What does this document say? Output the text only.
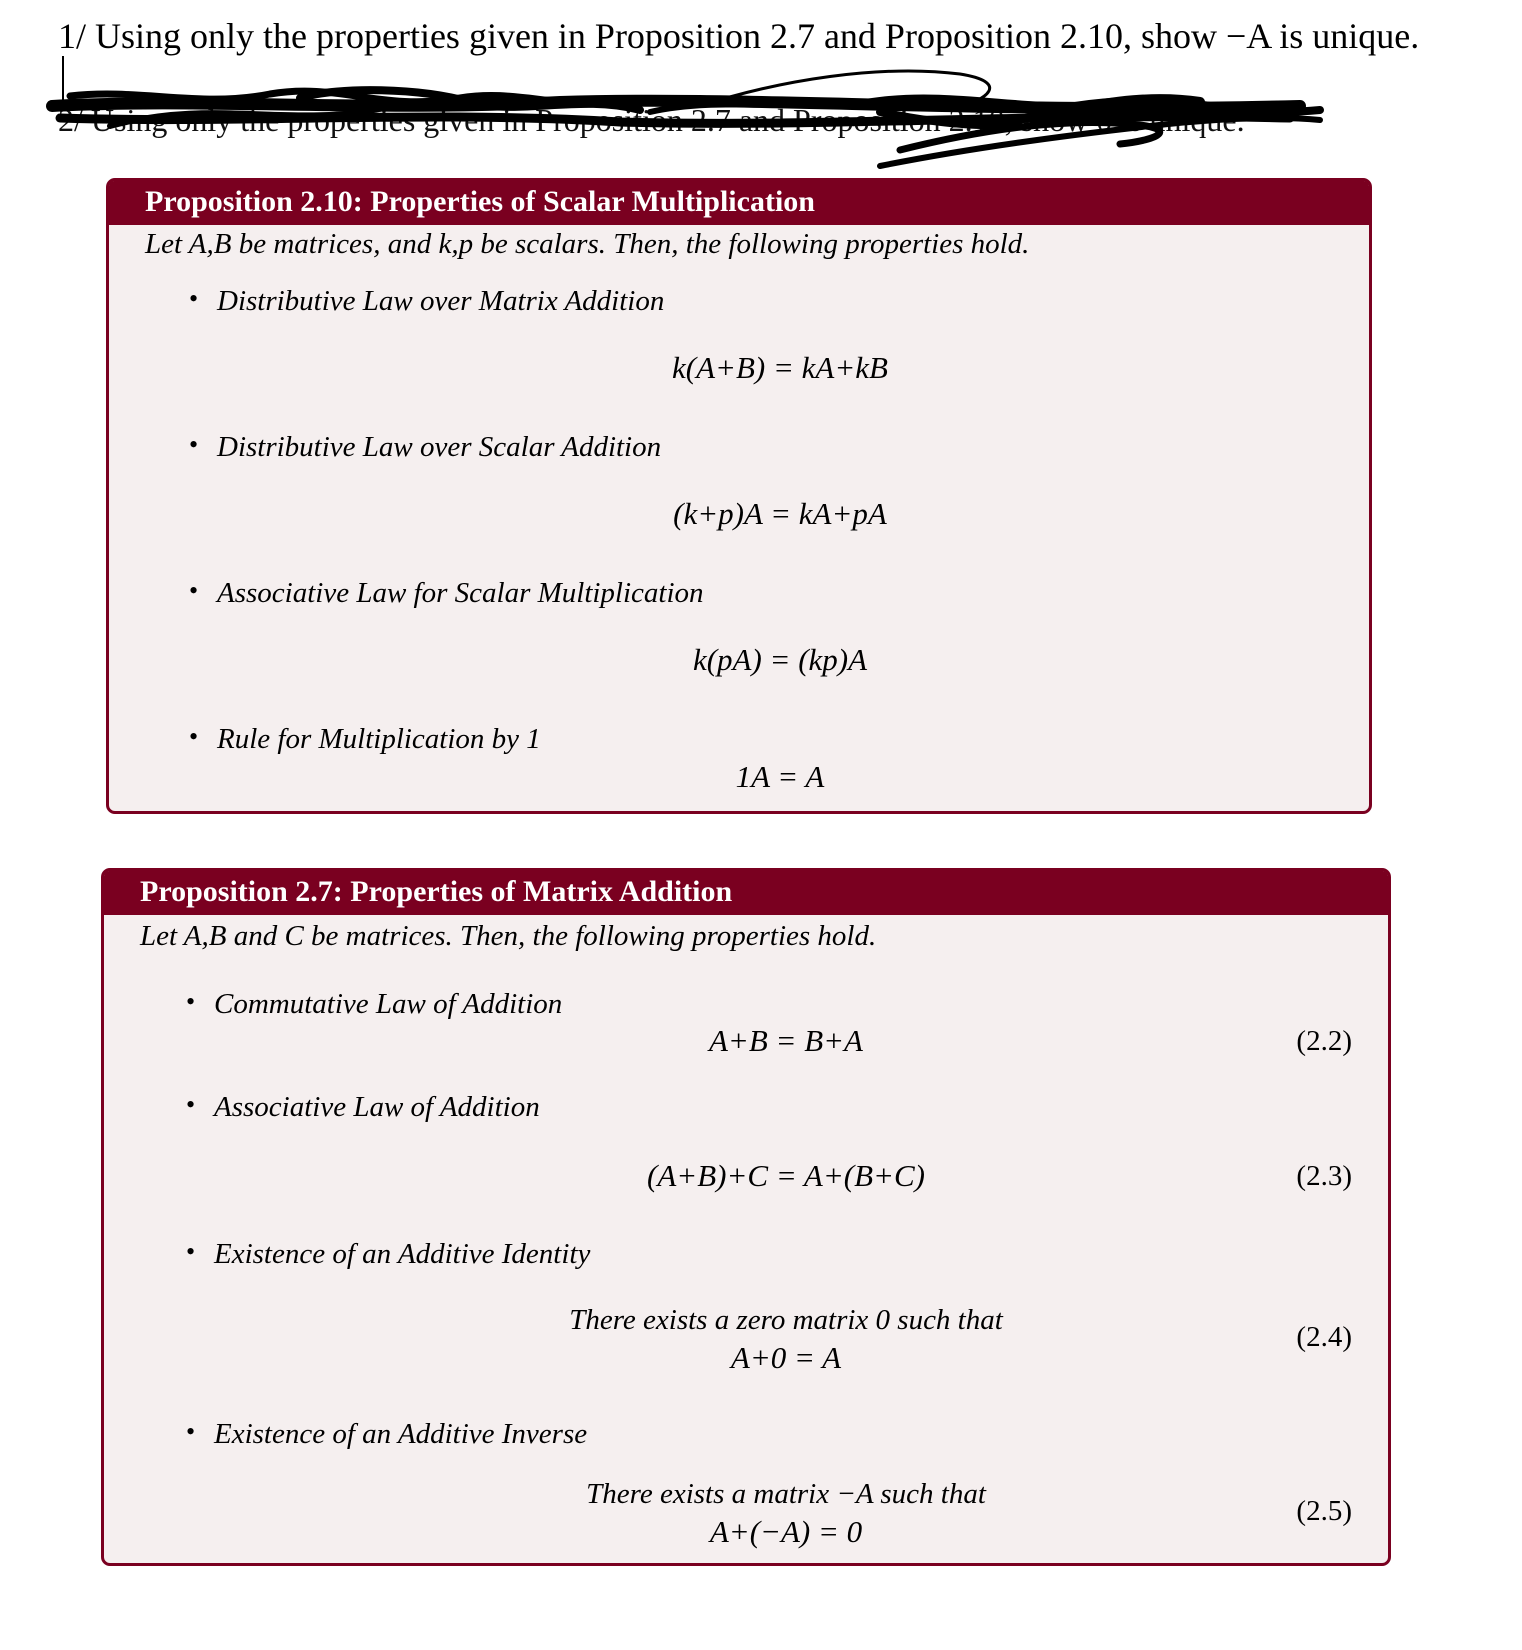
1/ Using only the properties given in Proposition 2.7 and Proposition 2.10, show −A is unique.
2/ Using only the properties given in Proposition 2.7 and Proposition 2.10, show 0 is unique.
Proposition 2.10: Properties of Scalar Multiplication
Let A,B be matrices, and k,p be scalars. Then, the following properties hold.
• Distributive Law over Matrix Addition
k(A+B) = kA+kB
• Distributive Law over Scalar Addition
(k+p)A = kA+pA
• Associative Law for Scalar Multiplication
k(pA) = (kp)A
• Rule for Multiplication by 1
1A = A
Proposition 2.7: Properties of Matrix Addition
Let A,B and C be matrices. Then, the following properties hold.
• Commutative Law of Addition
A+B = B+A	(2.2)
• Associative Law of Addition
(A+B)+C = A+(B+C)	(2.3)
• Existence of an Additive Identity
There exists a zero matrix 0 such that
A+0 = A
(2.4)
• Existence of an Additive Inverse
There exists a matrix −A such that
A+(−A) = 0
(2.5)
